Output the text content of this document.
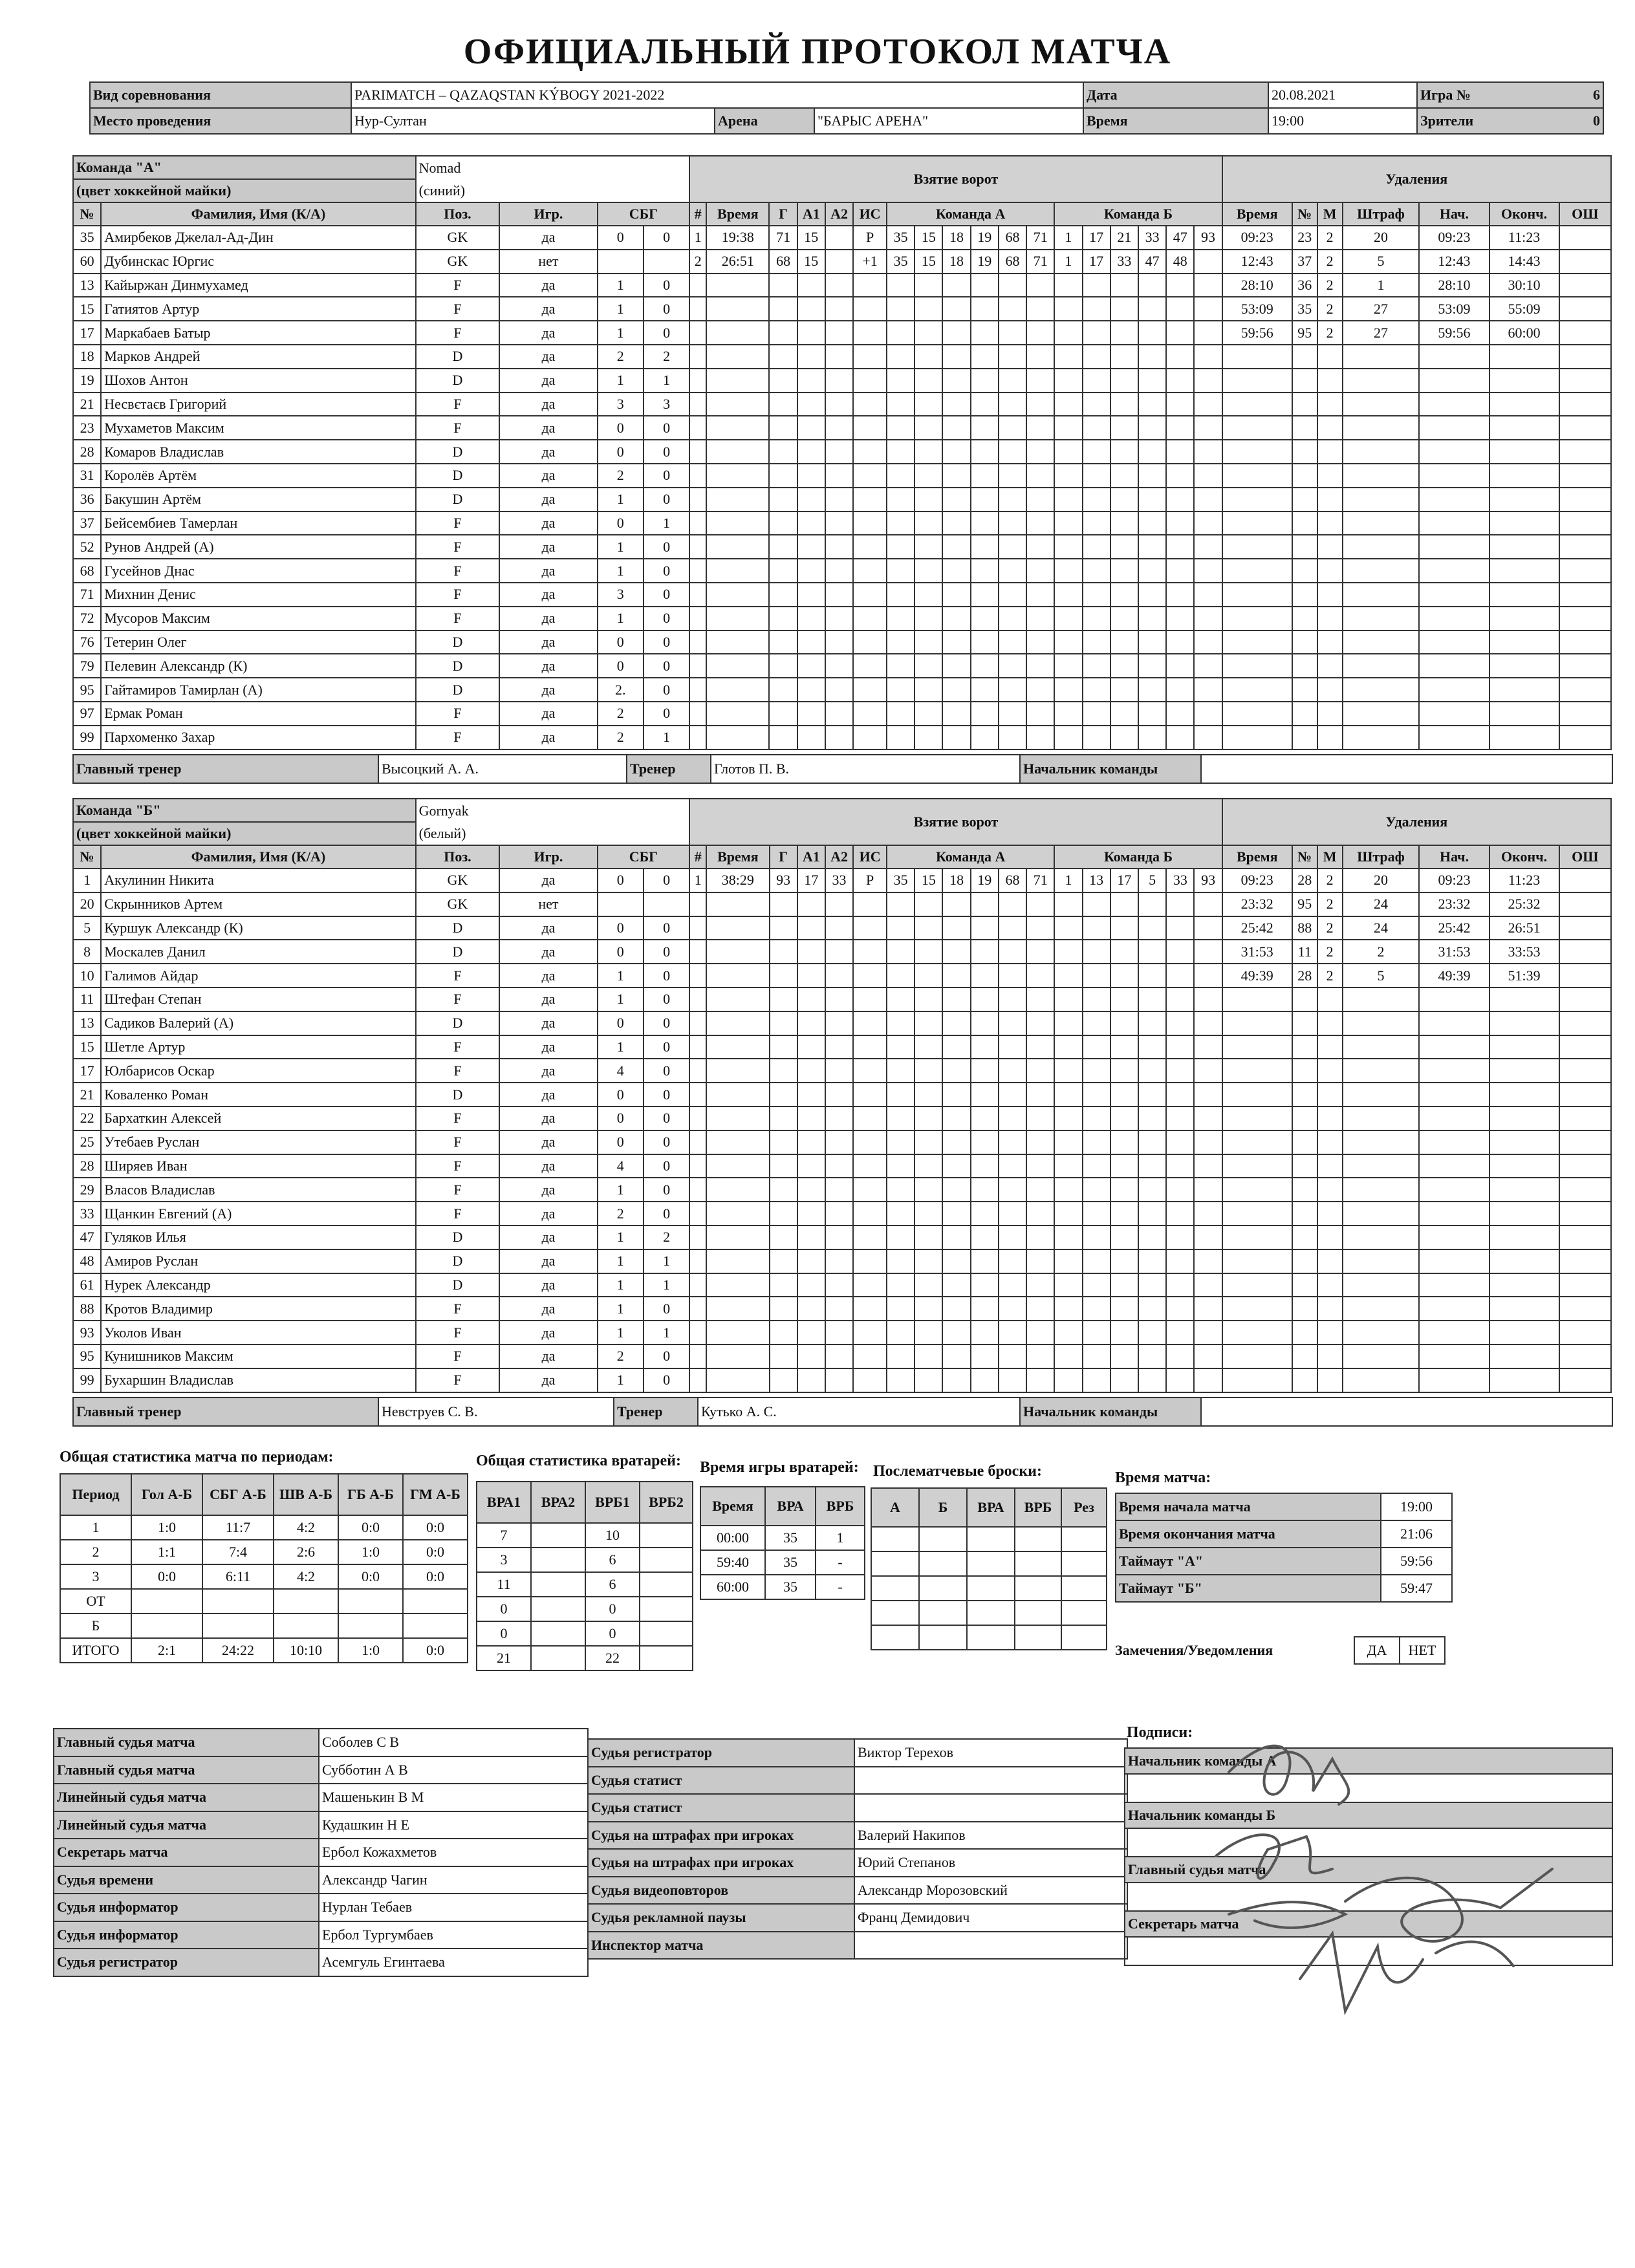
ОФИЦИАЛЬНЫЙ ПРОТОКОЛ МАТЧА
Вид соревнования	PARIMATCH – QAZAQSTAN KÝBOGY 2021-2022			Дата	20.08.2021	Игра № 6

Место проведения	Нур-Султан	Арена	"БАРЫС АРЕНА"	Время	19:00	Зрители 0
Команда "А"		Nomad				Взятие ворот																		Удаления						
(цвет хоккейной майки)		(синий)																												
№	Фамилия, Имя (К/А)	Поз.	Игр.	СБГ		#	Время	Г	А1	А2	ИС	Команда А						Команда Б						Время	№	М	Штраф	Нач.	Оконч.	ОШ
35	Амирбеков Джелал-Ад-Дин	GK	да	0	0	1	19:38	71	15		Р	35	15	18	19	68	71	1	17	21	33	47	93	09:23	23	2	20	09:23	11:23	
60	Дубинскас Юргис	GK	нет			2	26:51	68	15		+1	35	15	18	19	68	71	1	17	33	47	48		12:43	37	2	5	12:43	14:43	
13	Кайыржан Динмухамед	F	да	1	0																			28:10	36	2	1	28:10	30:10	
15	Гатиятов Артур	F	да	1	0																			53:09	35	2	27	53:09	55:09	
17	Маркабаев Батыр	F	да	1	0																			59:56	95	2	27	59:56	60:00	
18	Марков Андрей	D	да	2	2																									
19	Шохов Антон	D	да	1	1																									
21	Несвєтаєв Григорий	F	да	3	3																									
23	Мухаметов Максим	F	да	0	0																									
28	Комаров Владислав	D	да	0	0																									
31	Королёв Артём	D	да	2	0																									
36	Бакушин Артём	D	да	1	0																									
37	Бейсембиев Тамерлан	F	да	0	1																									
52	Рунов Андрей (А)	F	да	1	0																									
68	Гусейнов Днас	F	да	1	0																									
71	Михнин Денис	F	да	3	0																									
72	Мусоров Максим	F	да	1	0																									
76	Тетерин Олег	D	да	0	0																									
79	Пелевин Александр (К)	D	да	0	0																									
95	Гайтамиров Тамирлан (А)	D	да	2.	0																									
97	Ермак Роман	F	да	2	0																									
99	Пархоменко Захар	F	да	2	1																									
Главный тренер	Высоцкий А. А.	Тренер	Глотов П. В.	Начальник команды	
Команда "Б"		Gornyak				Взятие ворот																		Удаления						
(цвет хоккейной майки)		(белый)																												
№	Фамилия, Имя (К/А)	Поз.	Игр.	СБГ		#	Время	Г	А1	А2	ИС	Команда А						Команда Б						Время	№	М	Штраф	Нач.	Оконч.	ОШ
1	Акулинин Никита	GK	да	0	0	1	38:29	93	17	33	Р	35	15	18	19	68	71	1	13	17	5	33	93	09:23	28	2	20	09:23	11:23	
20	Скрынников Артем	GK	нет																					23:32	95	2	24	23:32	25:32	
5	Куршук Александр (К)	D	да	0	0																			25:42	88	2	24	25:42	26:51	
8	Москалев Данил	D	да	0	0																			31:53	11	2	2	31:53	33:53	
10	Галимов Айдар	F	да	1	0																			49:39	28	2	5	49:39	51:39	
11	Штефан Степан	F	да	1	0																									
13	Садиков Валерий (А)	D	да	0	0																									
15	Шетле Артур	F	да	1	0																									
17	Юлбарисов Оскар	F	да	4	0																									
21	Коваленко Роман	D	да	0	0																									
22	Бархаткин Алексей	F	да	0	0																									
25	Утебаев Руслан	F	да	0	0																									
28	Ширяев Иван	F	да	4	0																									
29	Власов Владислав	F	да	1	0																									
33	Щанкин Евгений (А)	F	да	2	0																									
47	Гуляков Илья	D	да	1	2																									
48	Амиров Руслан	D	да	1	1																									
61	Нурек Александр	D	да	1	1																									
88	Кротов Владимир	F	да	1	0																									
93	Уколов Иван	F	да	1	1																									
95	Кунишников Максим	F	да	2	0																									
99	Бухаршин Владислав	F	да	1	0																									
Главный тренер	Невструев С. В.	Тренер	Кутько А. С.	Начальник команды	
Общая статистика матча по периодам:
Период	Гол А-Б	СБГ А-Б	ШВ А-Б	ГБ А-Б	ГМ А-Б
1	1:0	11:7	4:2	0:0	0:0
2	1:1	7:4	2:6	1:0	0:0
3	0:0	6:11	4:2	0:0	0:0
ОТ					
Б					
ИТОГО	2:1	24:22	10:10	1:0	0:0
Общая статистика вратарей:
ВРА1	ВРА2	ВРБ1	ВРБ2
7		10	
3		6	
11		6	
0		0	
0		0	
21		22	
Время игры вратарей:
Время	ВРА	ВРБ
00:00	35	1
59:40	35	-
60:00	35	-
Послематчевые броски:
А	Б	ВРА	ВРБ	Рез

Время матча:
Время начала матча	19:00
Время окончания матча	21:06
Таймаут "А"	59:56
Таймаут "Б"	59:47
Замечения/Уведомления	ДА	НЕТ
Главный судья матча	Соболев С В
Главный судья матча	Субботин А В
Линейный судья матча	Машенькин В М
Линейный судья матча	Кудашкин Н Е
Секретарь матча	Ербол Кожахметов
Судья времени	Александр Чагин
Судья информатор	Нурлан Тебаев
Судья информатор	Ербол Тургумбаев
Судья регистратор	Асемгуль Егинтаева
Судья регистратор	Виктор Терехов
Судья статист	
Судья статист	
Судья на штрафах при игроках	Валерий Накипов
Судья на штрафах при игроках	Юрий Степанов
Судья видеоповторов	Александр Морозовский
Судья рекламной паузы	Франц Демидович
Инспектор матча	
Подписи:
Начальник команды А

Начальник команды Б

Главный судья матча

Секретарь матча
